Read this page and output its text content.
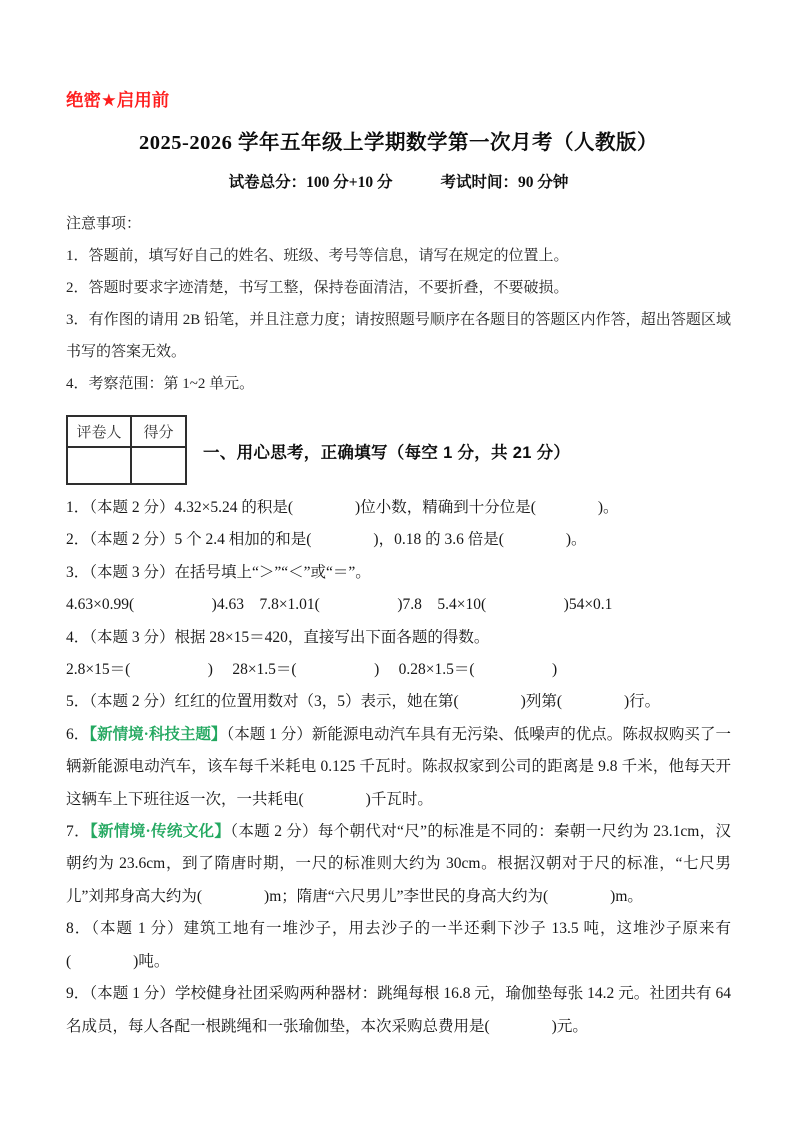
绝密★启用前
2025-2026 学年五年级上学期数学第一次月考（人教版）
试卷总分：100 分+10 分	考试时间：90 分钟

注意事项：

1．答题前，填写好自己的姓名、班级、考号等信息，请写在规定的位置上。

2．答题时要求字迹清楚，书写工整，保持卷面清洁，不要折叠，不要破损。

3．有作图的请用 2B 铅笔，并且注意力度；请按照题号顺序在各题目的答题区内作答，超出答题区域书写的答案无效。

4．考察范围：第 1~2 单元。

评卷人	得分

一、用心思考，正确填写（每空 1 分，共 21 分）

1．（本题 2 分）4.32×5.24 的积是(　　　　)位小数，精确到十分位是(　　　　)。

2．（本题 2 分）5 个 2.4 相加的和是(　　　　)，0.18 的 3.6 倍是(　　　　)。

3．（本题 3 分）在括号填上“＞”“＜”或“＝”。

4.63×0.99(　　　　　)4.63　7.8×1.01(　　　　　)7.8　5.4×10(　　　　　)54×0.1

4．（本题 3 分）根据 28×15＝420，直接写出下面各题的得数。

2.8×15＝(　　　　　)　 28×1.5＝(　　　　　)　 0.28×1.5＝(　　　　　)

5．（本题 2 分）红红的位置用数对（3，5）表示，她在第(　　　　)列第(　　　　)行。

6．【新情境·科技主题】（本题 1 分）新能源电动汽车具有无污染、低噪声的优点。陈叔叔购买了一辆新能源电动汽车，该车每千米耗电 0.125 千瓦时。陈叔叔家到公司的距离是 9.8 千米，他每天开这辆车上下班往返一次，一共耗电(　　　　)千瓦时。

7．【新情境·传统文化】（本题 2 分）每个朝代对“尺”的标准是不同的：秦朝一尺约为 23.1cm，汉朝约为 23.6cm，到了隋唐时期，一尺的标准则大约为 30cm。根据汉朝对于尺的标准，“七尺男儿”刘邦身高大约为(　　　　)m；隋唐“六尺男儿”李世民的身高大约为(　　　　)m。

8．（本题 1 分）建筑工地有一堆沙子，用去沙子的一半还剩下沙子 13.5 吨，这堆沙子原来有(　　　　)吨。

9．（本题 1 分）学校健身社团采购两种器材：跳绳每根 16.8 元，瑜伽垫每张 14.2 元。社团共有 64 名成员，每人各配一根跳绳和一张瑜伽垫，本次采购总费用是(　　　　)元。
